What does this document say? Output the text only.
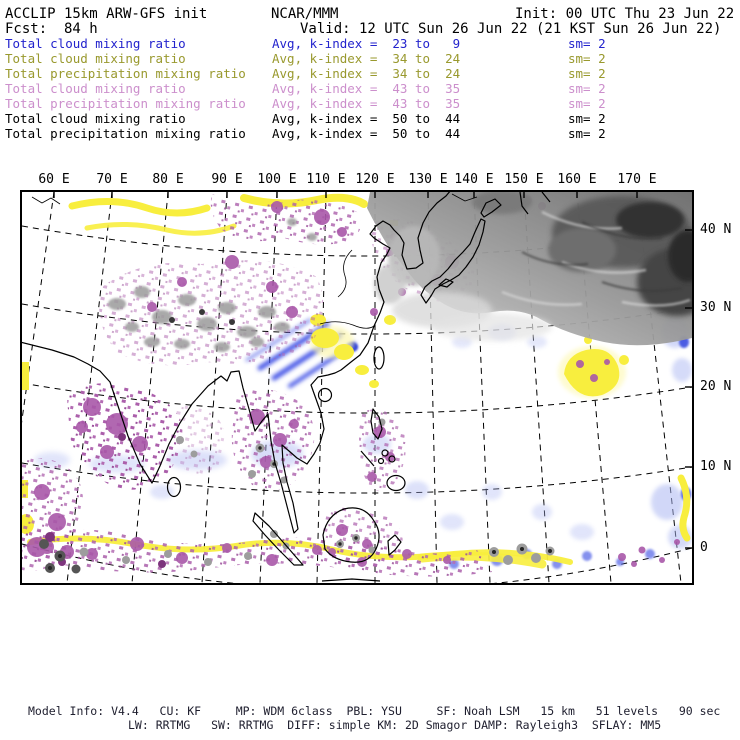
ACCLIP 15km ARW-GFS init	NCAR/MMM	Init: 00 UTC Thu 23 Jun 22
Fcst:  84 h	Valid: 12 UTC Sun 26 Jun 22 (21 KST Sun 26 Jun 22)
Total cloud mixing ratio	Avg, k-index =  23 to   9	sm= 2
Total cloud mixing ratio	Avg, k-index =  34 to  24	sm= 2
Total precipitation mixing ratio Avg, k-index =  34 to  24	sm= 2
Total cloud mixing ratio	Avg, k-index =  43 to  35	sm= 2
Total precipitation mixing ratio Avg, k-index =  43 to  35	sm= 2
Total cloud mixing ratio	Avg, k-index =  50 to  44	sm= 2
Total precipitation mixing ratio Avg, k-index =  50 to  44	sm= 2
60 E 70 E 80 E 90 E 100 E 110 E 120 E 130 E 140 E 150 E 160 E 170 E
40 N
30 N
20 N
10 N
0
Model Info: V4.4   CU: KF     MP: WDM 6class  PBL: YSU     SF: Noah LSM   15 km   51 levels   90 sec
LW: RRTMG   SW: RRTMG  DIFF: simple KM: 2D Smagor DAMP: Rayleigh3  SFLAY: MM5
